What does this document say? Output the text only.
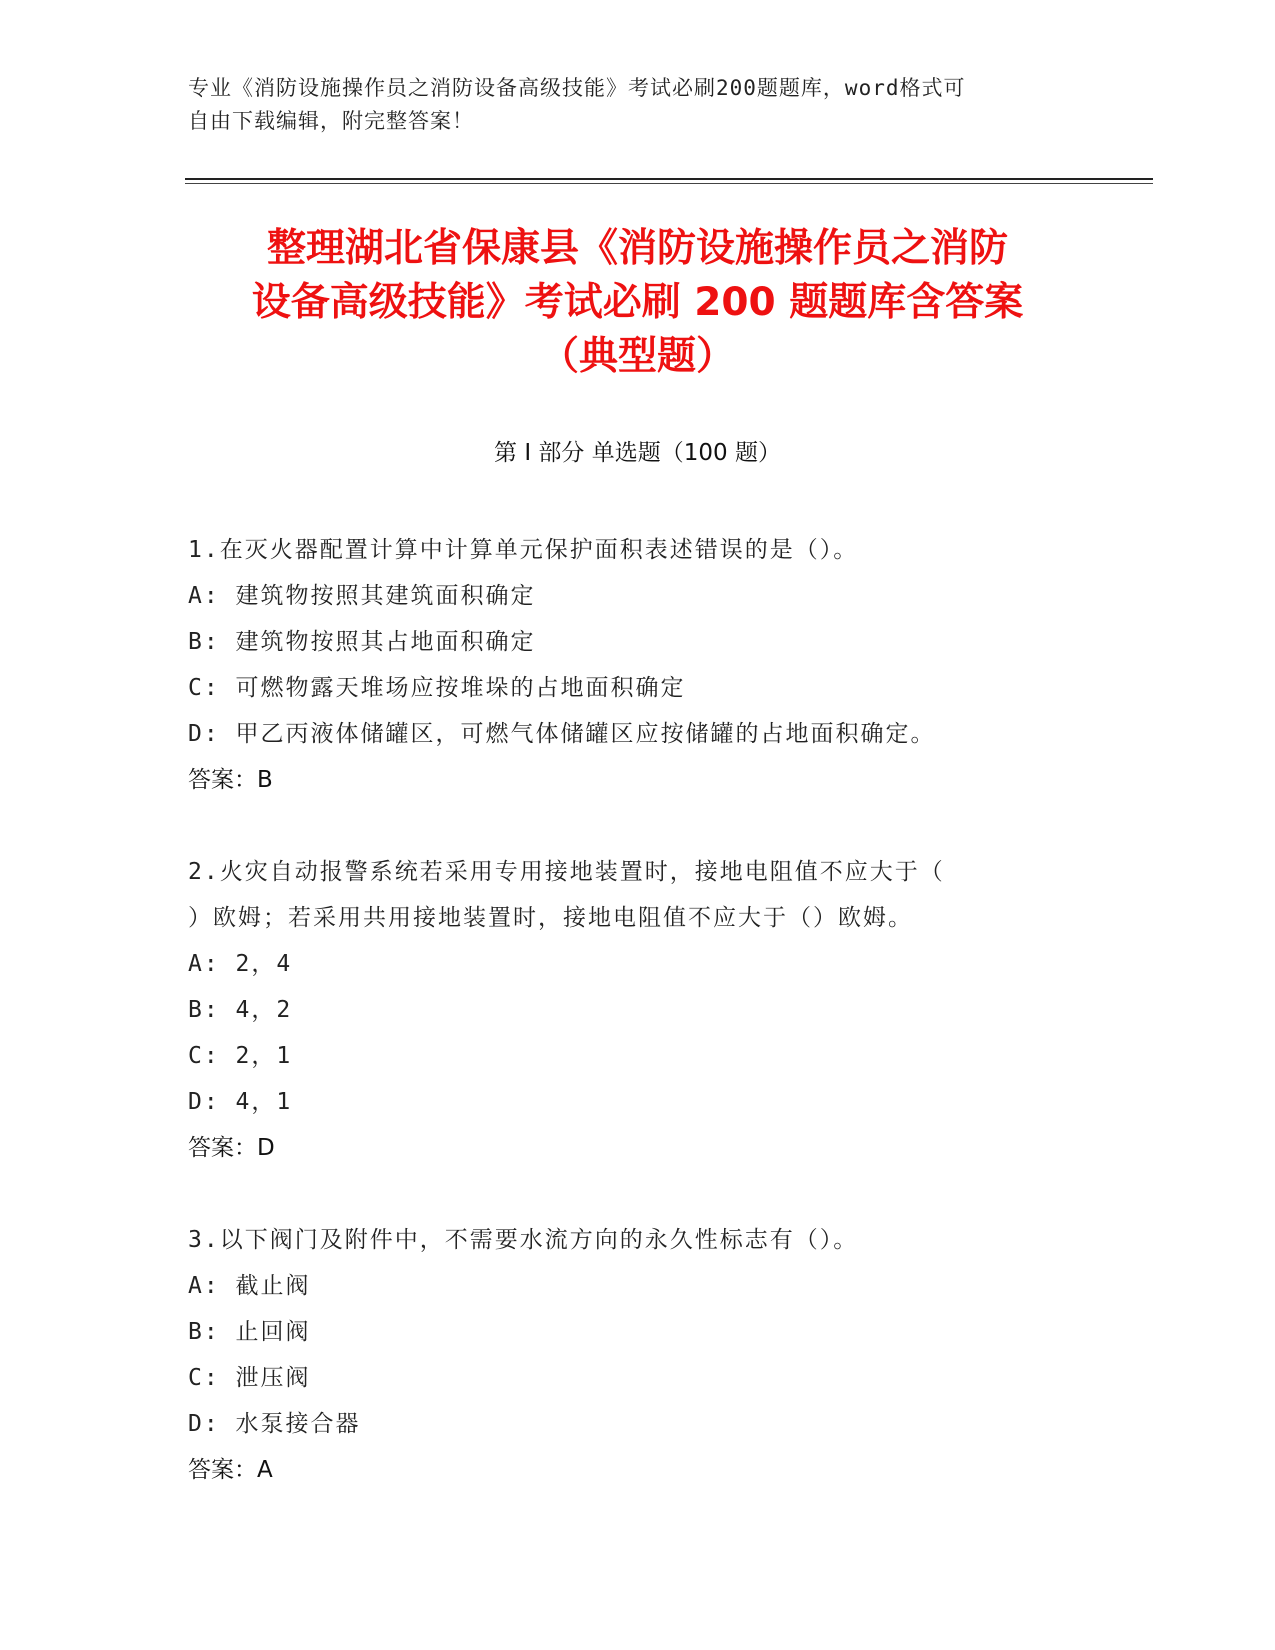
专业《消防设施操作员之消防设备高级技能》考试必刷200题题库，word格式可
自由下载编辑，附完整答案！
整理湖北省保康县《消防设施操作员之消防
设备高级技能》考试必刷 200 题题库含答案
（典型题）
第 I 部分 单选题（100 题）
1.在灭火器配置计算中计算单元保护面积表述错误的是（）。
A: 建筑物按照其建筑面积确定
B: 建筑物按照其占地面积确定
C: 可燃物露天堆场应按堆垛的占地面积确定
D: 甲乙丙液体储罐区，可燃气体储罐区应按储罐的占地面积确定。
答案：B
2.火灾自动报警系统若采用专用接地装置时，接地电阻值不应大于（
）欧姆；若采用共用接地装置时，接地电阻值不应大于（）欧姆。
A: 2，4
B: 4，2
C: 2，1
D: 4，1
答案：D
3.以下阀门及附件中，不需要水流方向的永久性标志有（）。
A: 截止阀
B: 止回阀
C: 泄压阀
D: 水泵接合器
答案：A
